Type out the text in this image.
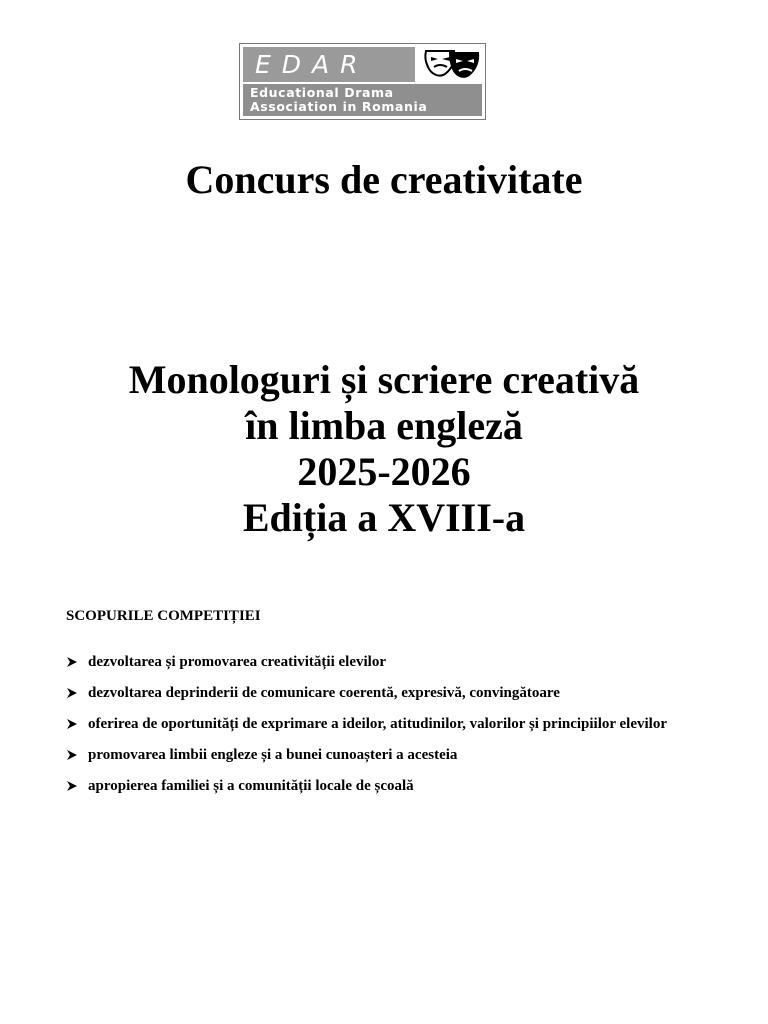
EDAR
Educational Drama
Association in Romania
Concurs de creativitate
Monologuri și scriere creativă
în limba engleză
2025-2026
Ediția a XVIII-a
SCOPURILE COMPETIȚIEI
dezvoltarea și promovarea creativității elevilor
dezvoltarea deprinderii de comunicare coerentă, expresivă, convingătoare
oferirea de oportunități de exprimare a ideilor, atitudinilor, valorilor și principiilor elevilor
promovarea limbii engleze și a bunei cunoașteri a acesteia
apropierea familiei și a comunității locale de școală
